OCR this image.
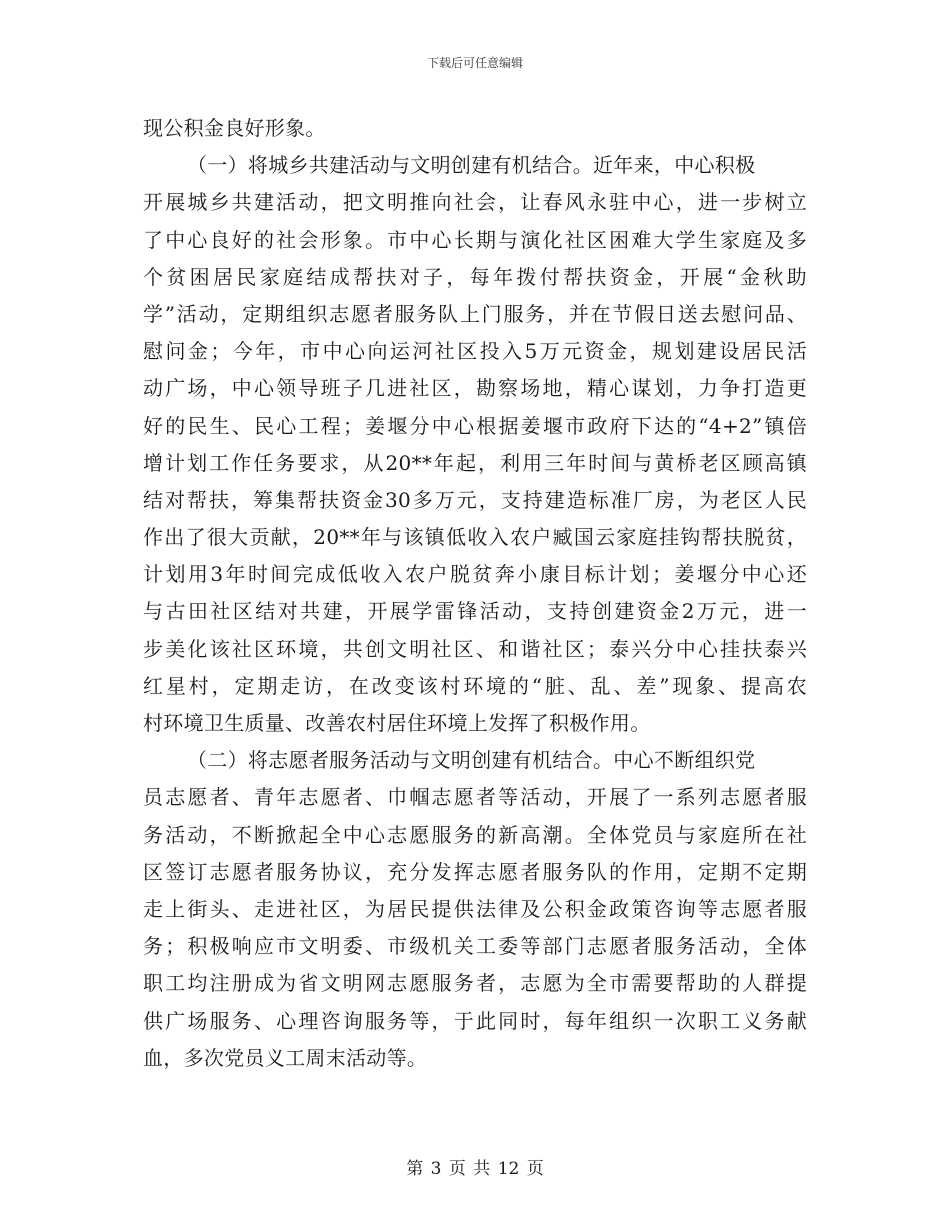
下载后可任意编辑
现公积金良好形象。
（一）将城乡共建活动与文明创建有机结合。近年来，中心积极
开展城乡共建活动，把文明推向社会，让春风永驻中心，进一步树立
了中心良好的社会形象。市中心长期与演化社区困难大学生家庭及多
个贫困居民家庭结成帮扶对子，每年拨付帮扶资金，开展“金秋助
学”活动，定期组织志愿者服务队上门服务，并在节假日送去慰问品、
慰问金；今年，市中心向运河社区投入5万元资金，规划建设居民活
动广场，中心领导班子几进社区，勘察场地，精心谋划，力争打造更
好的民生、民心工程；姜堰分中心根据姜堰市政府下达的“4+2”镇倍
增计划工作任务要求，从20**年起，利用三年时间与黄桥老区顾高镇
结对帮扶，筹集帮扶资金30多万元，支持建造标准厂房，为老区人民
作出了很大贡献，20**年与该镇低收入农户臧国云家庭挂钩帮扶脱贫，
计划用3年时间完成低收入农户脱贫奔小康目标计划；姜堰分中心还
与古田社区结对共建，开展学雷锋活动，支持创建资金2万元，进一
步美化该社区环境，共创文明社区、和谐社区；泰兴分中心挂扶泰兴
红星村，定期走访，在改变该村环境的“脏、乱、差”现象、提高农
村环境卫生质量、改善农村居住环境上发挥了积极作用。
（二）将志愿者服务活动与文明创建有机结合。中心不断组织党
员志愿者、青年志愿者、巾帼志愿者等活动，开展了一系列志愿者服
务活动，不断掀起全中心志愿服务的新高潮。全体党员与家庭所在社
区签订志愿者服务协议，充分发挥志愿者服务队的作用，定期不定期
走上街头、走进社区，为居民提供法律及公积金政策咨询等志愿者服
务；积极响应市文明委、市级机关工委等部门志愿者服务活动，全体
职工均注册成为省文明网志愿服务者，志愿为全市需要帮助的人群提
供广场服务、心理咨询服务等，于此同时，每年组织一次职工义务献
血，多次党员义工周末活动等。
第 3 页 共 12 页
